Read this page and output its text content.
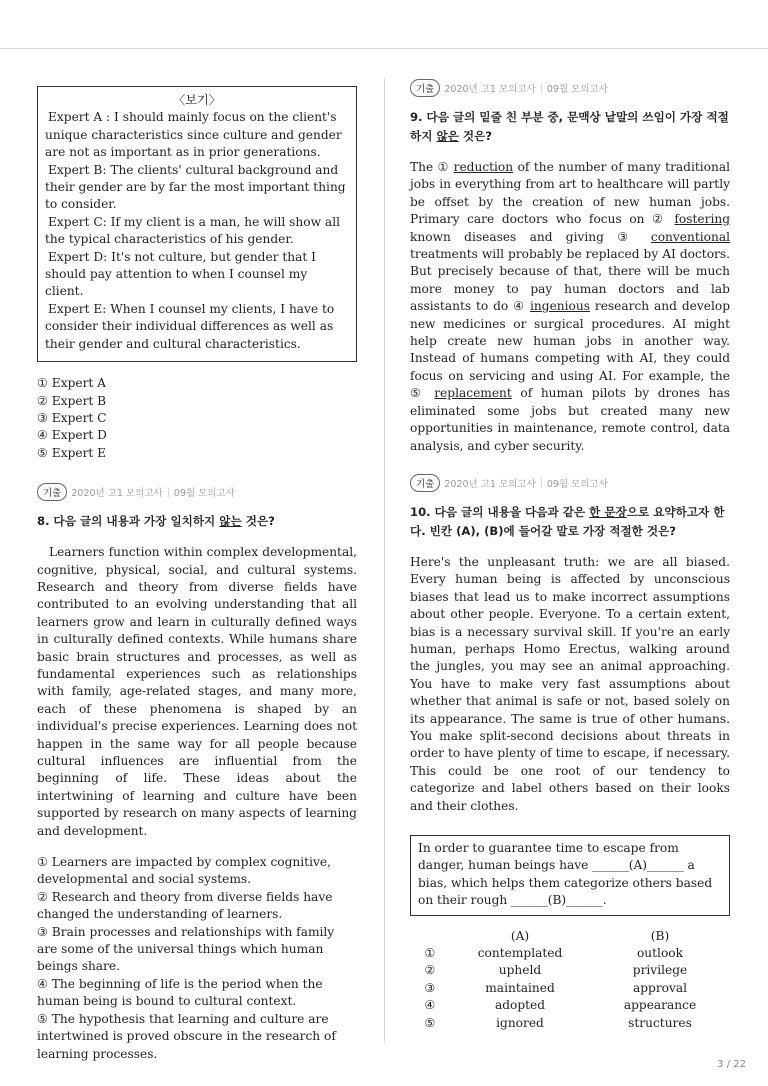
〈보기〉

Expert A : I should mainly focus on the client's unique characteristics since culture and gender are not as important as in prior generations.

Expert B: The clients' cultural background and their gender are by far the most important thing to consider.

Expert C: If my client is a man, he will show all the typical characteristics of his gender.

Expert D: It's not culture, but gender that I should pay attention to when I counsel my client.

Expert E: When I counsel my clients, I have to consider their individual differences as well as their gender and cultural characteristics.

① Expert A
② Expert B
③ Expert C
④ Expert D
⑤ Expert E
기출	2020년 고1 모의고사 | 09월 모의고사
8. 다음 글의 내용과 가장 일치하지 않는 것은?
Learners function within complex developmental, cognitive, physical, social, and cultural systems. Research and theory from diverse fields have contributed to an evolving understanding that all learners grow and learn in culturally defined ways in culturally defined contexts. While humans share basic brain structures and processes, as well as fundamental experiences such as relationships with family, age-related stages, and many more, each of these phenomena is shaped by an individual's precise experiences. Learning does not happen in the same way for all people because cultural influences are influential from the beginning of life. These ideas about the intertwining of learning and culture have been supported by research on many aspects of learning and development.
① Learners are impacted by complex cognitive, developmental and social systems.
② Research and theory from diverse fields have changed the understanding of learners.
③ Brain processes and relationships with family are some of the universal things which human beings share.
④ The beginning of life is the period when the human being is bound to cultural context.
⑤ The hypothesis that learning and culture are intertwined is proved obscure in the research of learning processes.
기출	2020년 고1 모의고사 | 09월 모의고사
9. 다음 글의 밑줄 친 부분 중, 문맥상 낱말의 쓰임이 가장 적절하지 않은 것은?
The ① reduction of the number of many traditional jobs in everything from art to healthcare will partly be offset by the creation of new human jobs. Primary care doctors who focus on ② fostering known diseases and giving ③ conventional treatments will probably be replaced by AI doctors. But precisely because of that, there will be much more money to pay human doctors and lab assistants to do ④ ingenious research and develop new medicines or surgical procedures. AI might help create new human jobs in another way. Instead of humans competing with AI, they could focus on servicing and using AI. For example, the ⑤ replacement of human pilots by drones has eliminated some jobs but created many new opportunities in maintenance, remote control, data analysis, and cyber security.
기출	2020년 고1 모의고사 | 09월 모의고사
10. 다음 글의 내용을 다음과 같은 한 문장으로 요약하고자 한다. 빈칸 (A), (B)에 들어갈 말로 가장 적절한 것은?
Here's the unpleasant truth: we are all biased. Every human being is affected by unconscious biases that lead us to make incorrect assumptions about other people. Everyone. To a certain extent, bias is a necessary survival skill. If you're an early human, perhaps Homo Erectus, walking around the jungles, you may see an animal approaching. You have to make very fast assumptions about whether that animal is safe or not, based solely on its appearance. The same is true of other humans. You make split-second decisions about threats in order to have plenty of time to escape, if necessary. This could be one root of our tendency to categorize and label others based on their looks and their clothes.
In order to guarantee time to escape from danger, human beings have ______(A)______ a bias, which helps them categorize others based on their rough ______(B)______.
	(A)	(B)
①	contemplated	outlook
②	upheld	privilege
③	maintained	approval
④	adopted	appearance
⑤	ignored	structures
3 / 22
